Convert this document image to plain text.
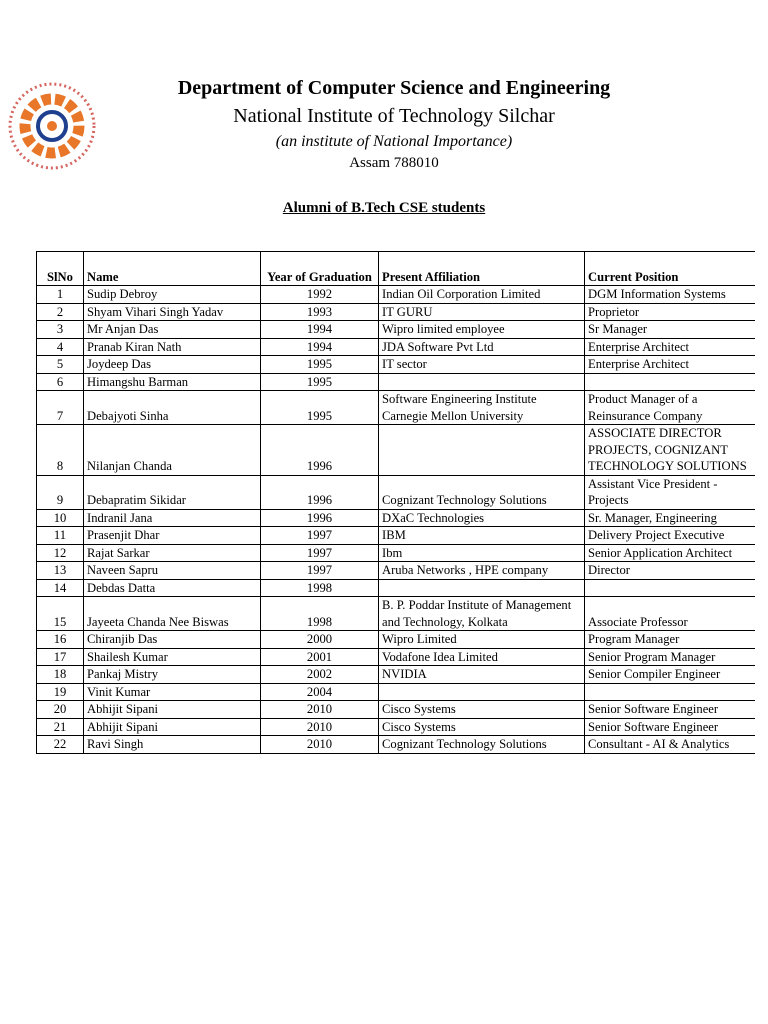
Department of Computer Science and Engineering
National Institute of Technology Silchar
(an institute of National Importance)
Assam 788010
Alumni of B.Tech CSE students
SlNo	Name	Year of Graduation	Present Affiliation	Current Position
1	Sudip Debroy	1992	Indian Oil Corporation Limited	DGM Information Systems
2	Shyam Vihari Singh Yadav	1993	IT GURU	Proprietor
3	Mr Anjan Das	1994	Wipro limited employee	Sr Manager
4	Pranab Kiran Nath	1994	JDA Software Pvt Ltd	Enterprise Architect
5	Joydeep Das	1995	IT sector	Enterprise Architect
6	Himangshu Barman	1995		
7	Debajyoti Sinha	1995	Software Engineering Institute Carnegie Mellon University	Product Manager of a Reinsurance Company
8	Nilanjan Chanda	1996		ASSOCIATE DIRECTOR PROJECTS, COGNIZANT TECHNOLOGY SOLUTIONS
9	Debapratim Sikidar	1996	Cognizant Technology Solutions	Assistant Vice President - Projects
10	Indranil Jana	1996	DXaC Technologies	Sr. Manager, Engineering
11	Prasenjit Dhar	1997	IBM	Delivery Project Executive
12	Rajat Sarkar	1997	Ibm	Senior Application Architect
13	Naveen Sapru	1997	Aruba Networks , HPE company	Director
14	Debdas Datta	1998		
15	Jayeeta Chanda Nee Biswas	1998	B. P. Poddar Institute of Management and Technology, Kolkata	Associate Professor
16	Chiranjib Das	2000	Wipro Limited	Program Manager
17	Shailesh Kumar	2001	Vodafone Idea Limited	Senior Program Manager
18	Pankaj Mistry	2002	NVIDIA	Senior Compiler Engineer
19	Vinit Kumar	2004		
20	Abhijit Sipani	2010	Cisco Systems	Senior Software Engineer
21	Abhijit Sipani	2010	Cisco Systems	Senior Software Engineer
22	Ravi Singh	2010	Cognizant Technology Solutions	Consultant - AI & Analytics
